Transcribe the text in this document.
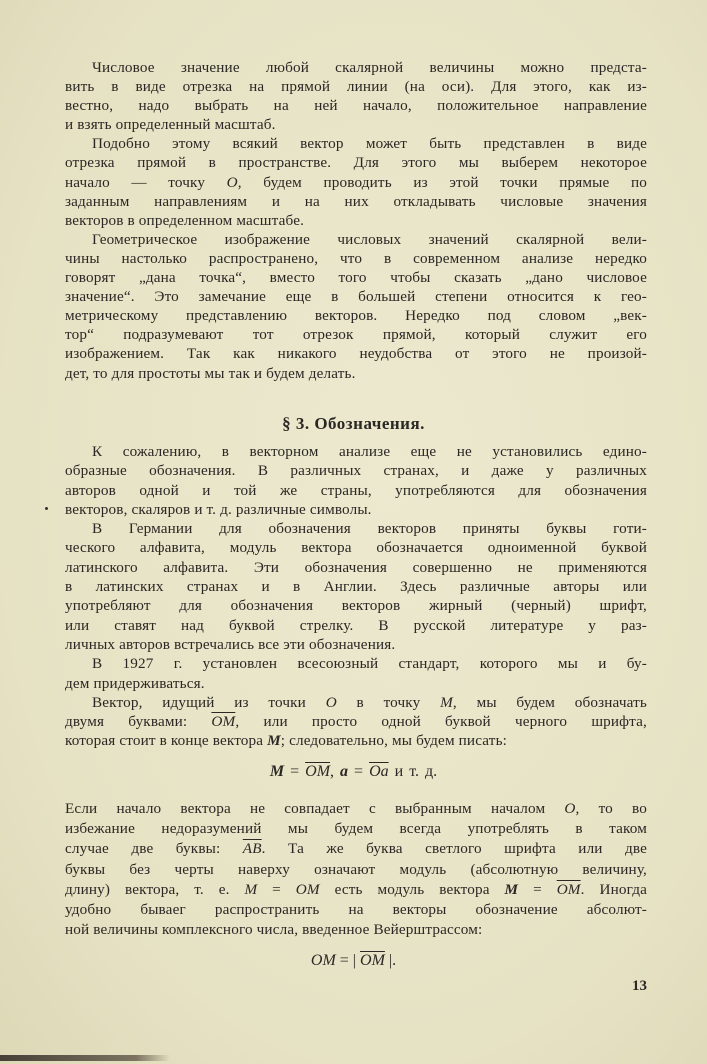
Числовое значение любой скалярной величины можно предста-
вить в виде отрезка на прямой линии (на оси). Для этого, как из-
вестно, надо выбрать на ней начало, положительное направление
и взять определенный масштаб.
Подобно этому всякий вектор может быть представлен в виде
отрезка прямой в пространстве. Для этого мы выберем некоторое
начало — точку O, будем проводить из этой точки прямые по
заданным направлениям и на них откладывать числовые значения
векторов в определенном масштабе.
Геометрическое изображение числовых значений скалярной вели-
чины настолько распространено, что в современном анализе нередко
говорят „дана точка“, вместо того чтобы сказать „дано числовое
значение“. Это замечание еще в большей степени относится к гео-
метрическому представлению векторов. Нередко под словом „век-
тор“ подразумевают тот отрезок прямой, который служит его
изображением. Так как никакого неудобства от этого не произой-
дет, то для простоты мы так и будем делать.
§ 3. Обозначения.
К сожалению, в векторном анализе еще не установились едино-
образные обозначения. В различных странах, и даже у различных
авторов одной и той же страны, употребляются для обозначения
векторов, скаляров и т. д. различные символы.
В Германии для обозначения векторов приняты буквы готи-
ческого алфавита, модуль вектора обозначается одноименной буквой
латинского алфавита. Эти обозначения совершенно не применяются
в латинских странах и в Англии. Здесь различные авторы или
употребляют для обозначения векторов жирный (черный) шрифт,
или ставят над буквой стрелку. В русской литературе у раз-
личных авторов встречались все эти обозначения.
В 1927 г. установлен всесоюзный стандарт, которого мы и бу-
дем придерживаться.
Вектор, идущий из точки O в точку M, мы будем обозначать
двумя буквами: $\overline{OM}$, или просто одной буквой черного шрифта,
которая стоит в конце вектора M; следовательно, мы будем писать:
$M = \overline{OM}$, $a = \overline{Oa}$ и т. д.
Если начало вектора не совпадает с выбранным началом O, то во
избежание недоразумений мы будем всегда употреблять в таком
случае две буквы: $\overline{AB}$. Та же буква светлого шрифта или две
буквы без черты наверху означают модуль (абсолютную величину,
длину) вектора, т. е. M = OM есть модуль вектора $M = \overline{OM}$. Иногда
удобно бываег распространить на векторы обозначение абсолют-
ной величины комплексного числа, введенное Вейерштрассом:
OM = | $\overline{OM}$ |.
13
